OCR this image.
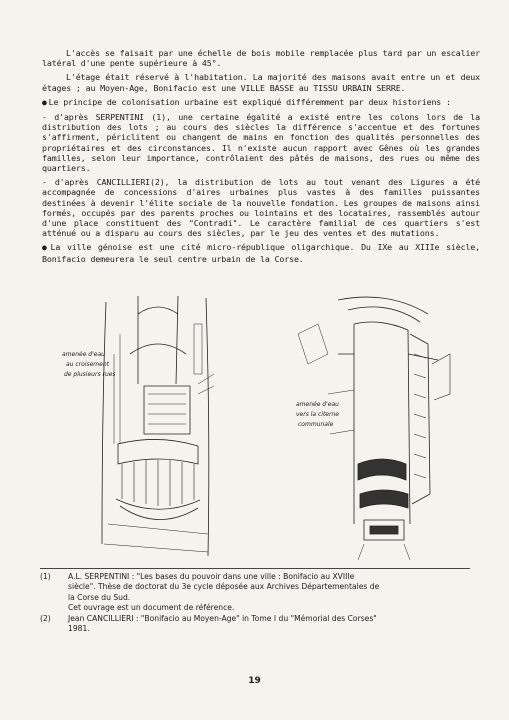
L'accès se faisait par une échelle de bois mobile remplacée plus tard par un escalier latéral d'une pente supérieure à 45°.

L'étage était réservé à l'habitation. La majorité des maisons avait entre un et deux étages ; au Moyen-Age, Bonifacio est une VILLE BASSE au TISSU URBAIN SERRE.

● Le principe de colonisation urbaine est expliqué différemment par deux historiens :

- d'après SERPENTINI (1), une certaine égalité a existé entre les colons lors de la distribution des lots ; au cours des siècles la différence s'accentue et des fortunes s'affirment, périclitent ou changent de mains en fonction des qualités personnelles des propriétaires et des circonstances. Il n'existe aucun rapport avec Gênes où les grandes familles, selon leur importance, contrôlaient des pâtés de maisons, des rues ou même des quartiers.

- d'après CANCILLIERI(2), la distribution de lots au tout venant des Ligures a été accompagnée de concessions d'aires urbaines plus vastes à des familles puissantes destinées à devenir l'élite sociale de la nouvelle fondation. Les groupes de maisons ainsi formés, occupés par des parents proches ou lointains et des locataires, rassemblés autour d'une place constituent des "Contradi". Le caractère familial de ces quartiers s'est atténué ou a disparu au cours des siècles, par le jeu des ventes et des mutations.

● La ville génoise est une cité micro-république oligarchique. Du IXe au XIIIe siècle, Bonifacio demeurera le seul centre urbain de la Corse.

amenée d'eau
au croisement
de plusieurs rues
amenée d'eau
vers la citerne
communale
(1)	A.L. SERPENTINI : "Les bases du pouvoir dans une ville : Bonifacio au XVIIIe
siècle". Thèse de doctorat du 3e cycle déposée aux Archives Départementales de
la Corse du Sud.
Cet ouvrage est un document de référence.
(2)	Jean CANCILLIERI : "Bonifacio au Moyen-Age" in Tome I du "Mémorial des Corses"
1981.
19
